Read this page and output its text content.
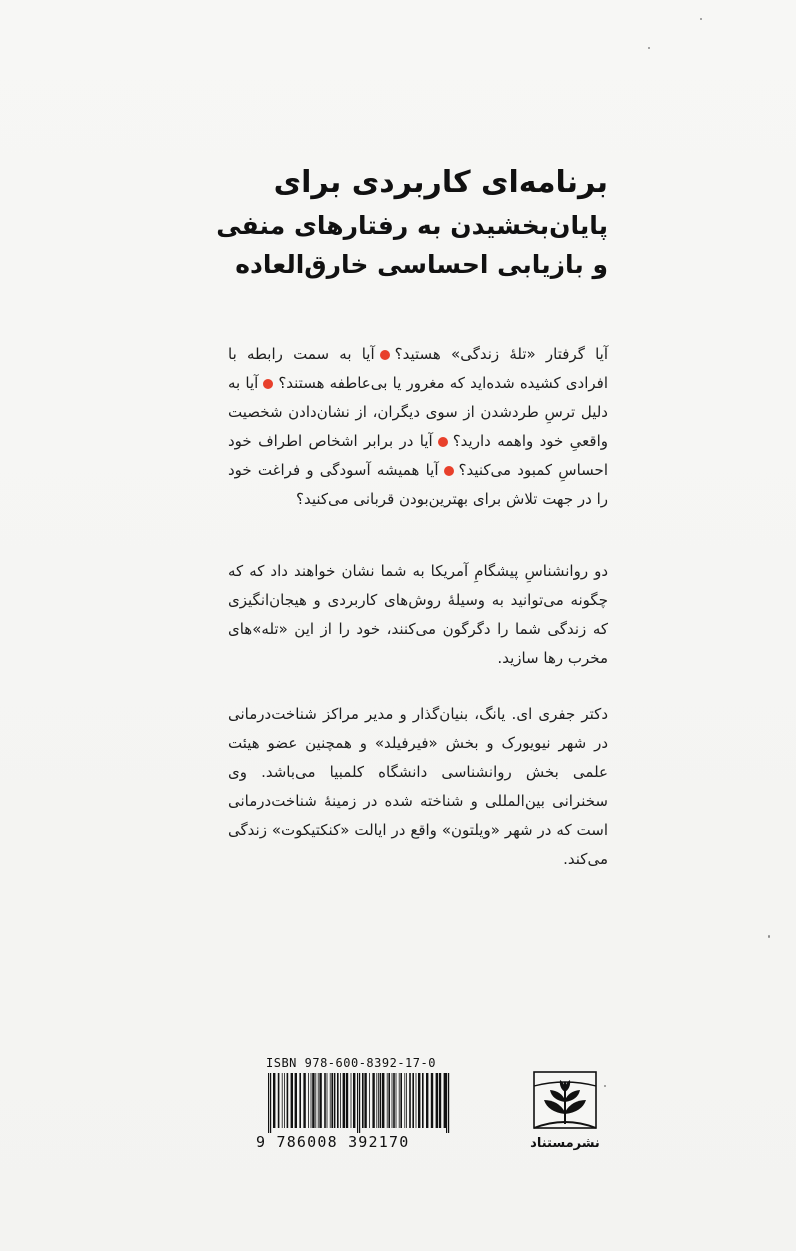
برنامه‌ای کاربردی برای

پایان‌بخشیدن به رفتارهای منفی

و بازیابی احساسی خارق‌العاده

آیا گرفتار «تلهٔ زندگی» هستید؟آیا به سمت رابطه با افرادی کشیده شده‌اید که مغرور یا بی‌عاطفه هستند؟آیا به دلیل ترسِ طردشدن از سوی دیگران، از نشان‌دادن شخصیت واقعیِ خود واهمه دارید؟آیا در برابر اشخاص اطراف خود احساسِ کمبود می‌کنید؟آیا همیشه آسودگی و فراغت خود را در جهت تلاش برای بهترین‌بودن قربانی می‌کنید؟

دو روانشناسِ پیشگامِ آمریکا به شما نشان خواهند داد که که چگونه می‌توانید به وسیلهٔ روش‌های کاربردی و هیجان‌انگیزی که زندگی شما را دگرگون می‌کنند، خود را از این «تله»های مخرب رها سازید.

دکتر جفری ای. یانگ، بنیان‌گذار و مدیر مراکز شناخت‌درمانی در شهر نیویورک و بخش «فیرفیلد» و همچنین عضو هیئت علمی بخش روانشناسی دانشگاه کلمبیا می‌باشد. وی سخنرانی بین‌المللی و شناخته شده در زمینهٔ شناخت‌درمانی است که در شهر «ویلتون» واقع در ایالت «کنکتیکوت» زندگی می‌کند.

ISBN 978-600-8392-17-0
9 786008 392170	نشرمستناد
